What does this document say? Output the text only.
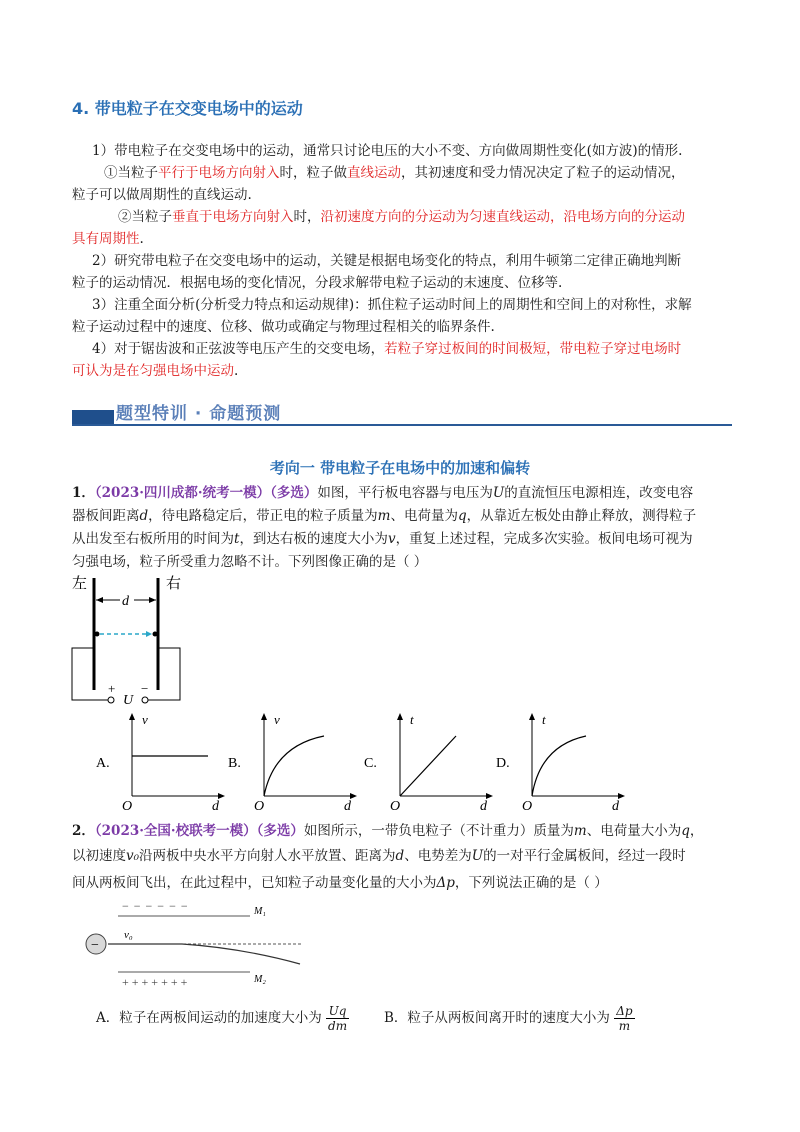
4. 带电粒子在交变电场中的运动
1）带电粒子在交变电场中的运动，通常只讨论电压的大小不变、方向做周期性变化(如方波)的情形.
①当粒子平行于电场方向射入时，粒子做直线运动，其初速度和受力情况决定了粒子的运动情况，
粒子可以做周期性的直线运动.
②当粒子垂直于电场方向射入时，沿初速度方向的分运动为匀速直线运动，沿电场方向的分运动
具有周期性.
2）研究带电粒子在交变电场中的运动，关键是根据电场变化的特点，利用牛顿第二定律正确地判断
粒子的运动情况．根据电场的变化情况，分段求解带电粒子运动的末速度、位移等.
3）注重全面分析(分析受力特点和运动规律)：抓住粒子运动时间上的周期性和空间上的对称性，求解
粒子运动过程中的速度、位移、做功或确定与物理过程相关的临界条件.
4）对于锯齿波和正弦波等电压产生的交变电场，若粒子穿过板间的时间极短，带电粒子穿过电场时
可认为是在匀强电场中运动.
题型特训 · 命题预测
考向一 带电粒子在电场中的加速和偏转
1．（2023·四川成都·统考一模）（多选）如图，平行板电容器与电压为U的直流恒压电源相连，改变电容
器板间距离d，待电路稳定后，带正电的粒子质量为m、电荷量为q，从靠近左板处由静止释放，测得粒子
从出发至右板所用的时间为t，到达右板的速度大小为v，重复上述过程，完成多次实验。板间电场可视为
匀强电场，粒子所受重力忽略不计。下列图像正确的是（ ）
左	右
d
+
U
−
A.
v
d
O
B.
v
d
O
C.
t
d
O
D.
t
d
O
2．（2023·全国·校联考一模）（多选）如图所示，一带负电粒子（不计重力）质量为m、电荷量大小为q，
以初速度v₀沿两板中央水平方向射人水平放置、距离为d、电势差为U的一对平行金属板间，经过一段时
间从两板间飞出，在此过程中，已知粒子动量变化量的大小为Δp，下列说法正确的是（ ）
− − − − − −	M₁
−
v₀
+ + + + + + +	M₂
A．粒子在两板间运动的加速度大小为 $\frac{Uq}{dm}$	B．粒子从两板间离开时的速度大小为 $\frac{\Delta p}{m}$
